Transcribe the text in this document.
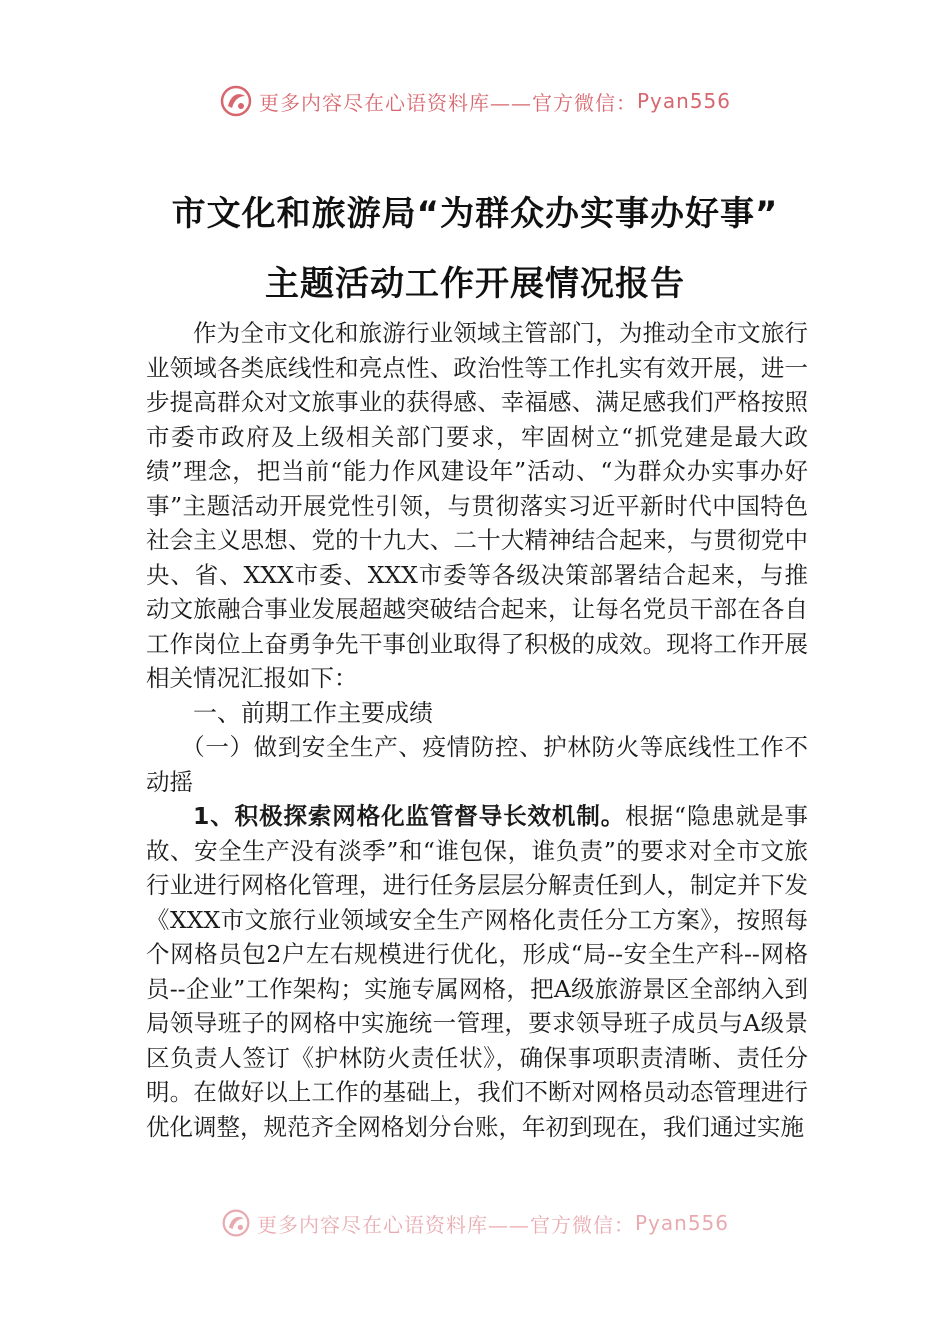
更多内容尽在心语资料库——官方微信： Pyan556
市文化和旅游局“为群众办实事办好事”
主题活动工作开展情况报告

作为全市文化和旅游行业领域主管部门，为推动全市文旅行业领域各类底线性和亮点性、政治性等工作扎实有效开展，进一步提高群众对文旅事业的获得感、幸福感、满足感我们严格按照市委市政府及上级相关部门要求，牢固树立“抓党建是最大政绩”理念，把当前“能力作风建设年”活动、“为群众办实事办好事”主题活动开展党性引领，与贯彻落实习近平新时代中国特色社会主义思想、党的十九大、二十大精神结合起来，与贯彻党中央、省、XXX市委、XXX市委等各级决策部署结合起来，与推动文旅融合事业发展超越突破结合起来，让每名党员干部在各自工作岗位上奋勇争先干事创业取得了积极的成效。现将工作开展相关情况汇报如下：

一、前期工作主要成绩

（一）做到安全生产、疫情防控、护林防火等底线性工作不动摇

1、积极探索网格化监管督导长效机制。根据“隐患就是事故、安全生产没有淡季”和“谁包保，谁负责”的要求对全市文旅行业进行网格化管理，进行任务层层分解责任到人，制定并下发《XXX市文旅行业领域安全生产网格化责任分工方案》，按照每个网格员包2户左右规模进行优化，形成“局--安全生产科--网格员--企业”工作架构；实施专属网格，把A级旅游景区全部纳入到局领导班子的网格中实施统一管理，要求领导班子成员与A级景区负责人签订《护林防火责任状》，确保事项职责清晰、责任分明。在做好以上工作的基础上，我们不断对网格员动态管理进行优化调整，规范齐全网格划分台账，年初到现在，我们通过实施

更多内容尽在心语资料库——官方微信： Pyan556
